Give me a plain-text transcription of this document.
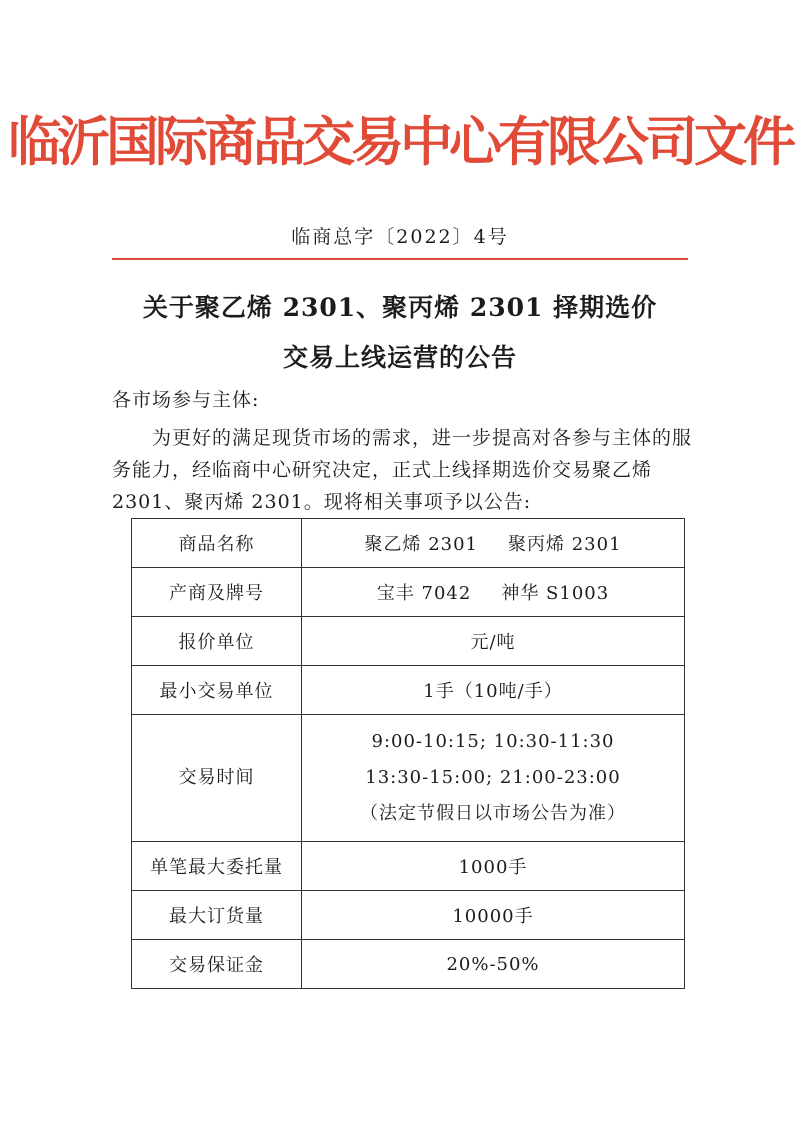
临沂国际商品交易中心有限公司文件
临商总字〔2022〕4号
关于聚乙烯 2301、聚丙烯 2301 择期选价
交易上线运营的公告
各市场参与主体:

为更好的满足现货市场的需求，进一步提高对各参与主体的服务能力，经临商中心研究决定，正式上线择期选价交易聚乙烯 2301、聚丙烯 2301。现将相关事项予以公告:

商品名称	聚乙烯 2301 聚丙烯 2301
产商及牌号	宝丰 7042 神华 S1003
报价单位	元/吨
最小交易单位	1手（10吨/手）
交易时间	9:00-10:15; 10:30-11:30
13:30-15:00; 21:00-23:00
（法定节假日以市场公告为准）

单笔最大委托量	1000手
最大订货量	10000手
交易保证金	20%-50%
